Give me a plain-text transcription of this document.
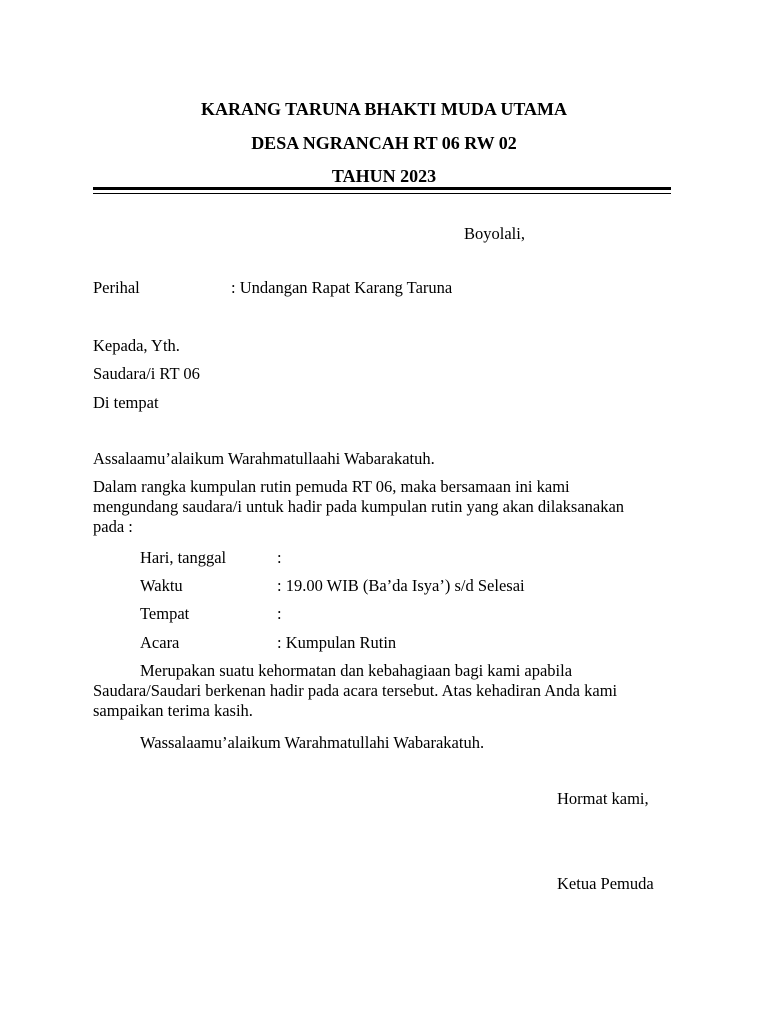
KARANG TARUNA BHAKTI MUDA UTAMA
DESA NGRANCAH RT 06 RW 02
TAHUN 2023
Boyolali,
Perihal	: Undangan Rapat Karang Taruna
Kepada, Yth.
Saudara/i RT 06
Di tempat
Assalaamu’alaikum Warahmatullaahi Wabarakatuh.
Dalam rangka kumpulan rutin pemuda RT 06, maka bersamaan ini kami
mengundang saudara/i untuk hadir pada kumpulan rutin yang akan dilaksanakan
pada :
Hari, tanggal	:
Waktu	: 19.00 WIB (Ba’da Isya’) s/d Selesai
Tempat	:
Acara	: Kumpulan Rutin
Merupakan suatu kehormatan dan kebahagiaan bagi kami apabila
Saudara/Saudari berkenan hadir pada acara tersebut. Atas kehadiran Anda kami
sampaikan terima kasih.
Wassalaamu’alaikum Warahmatullahi Wabarakatuh.
Hormat kami,
Ketua Pemuda
